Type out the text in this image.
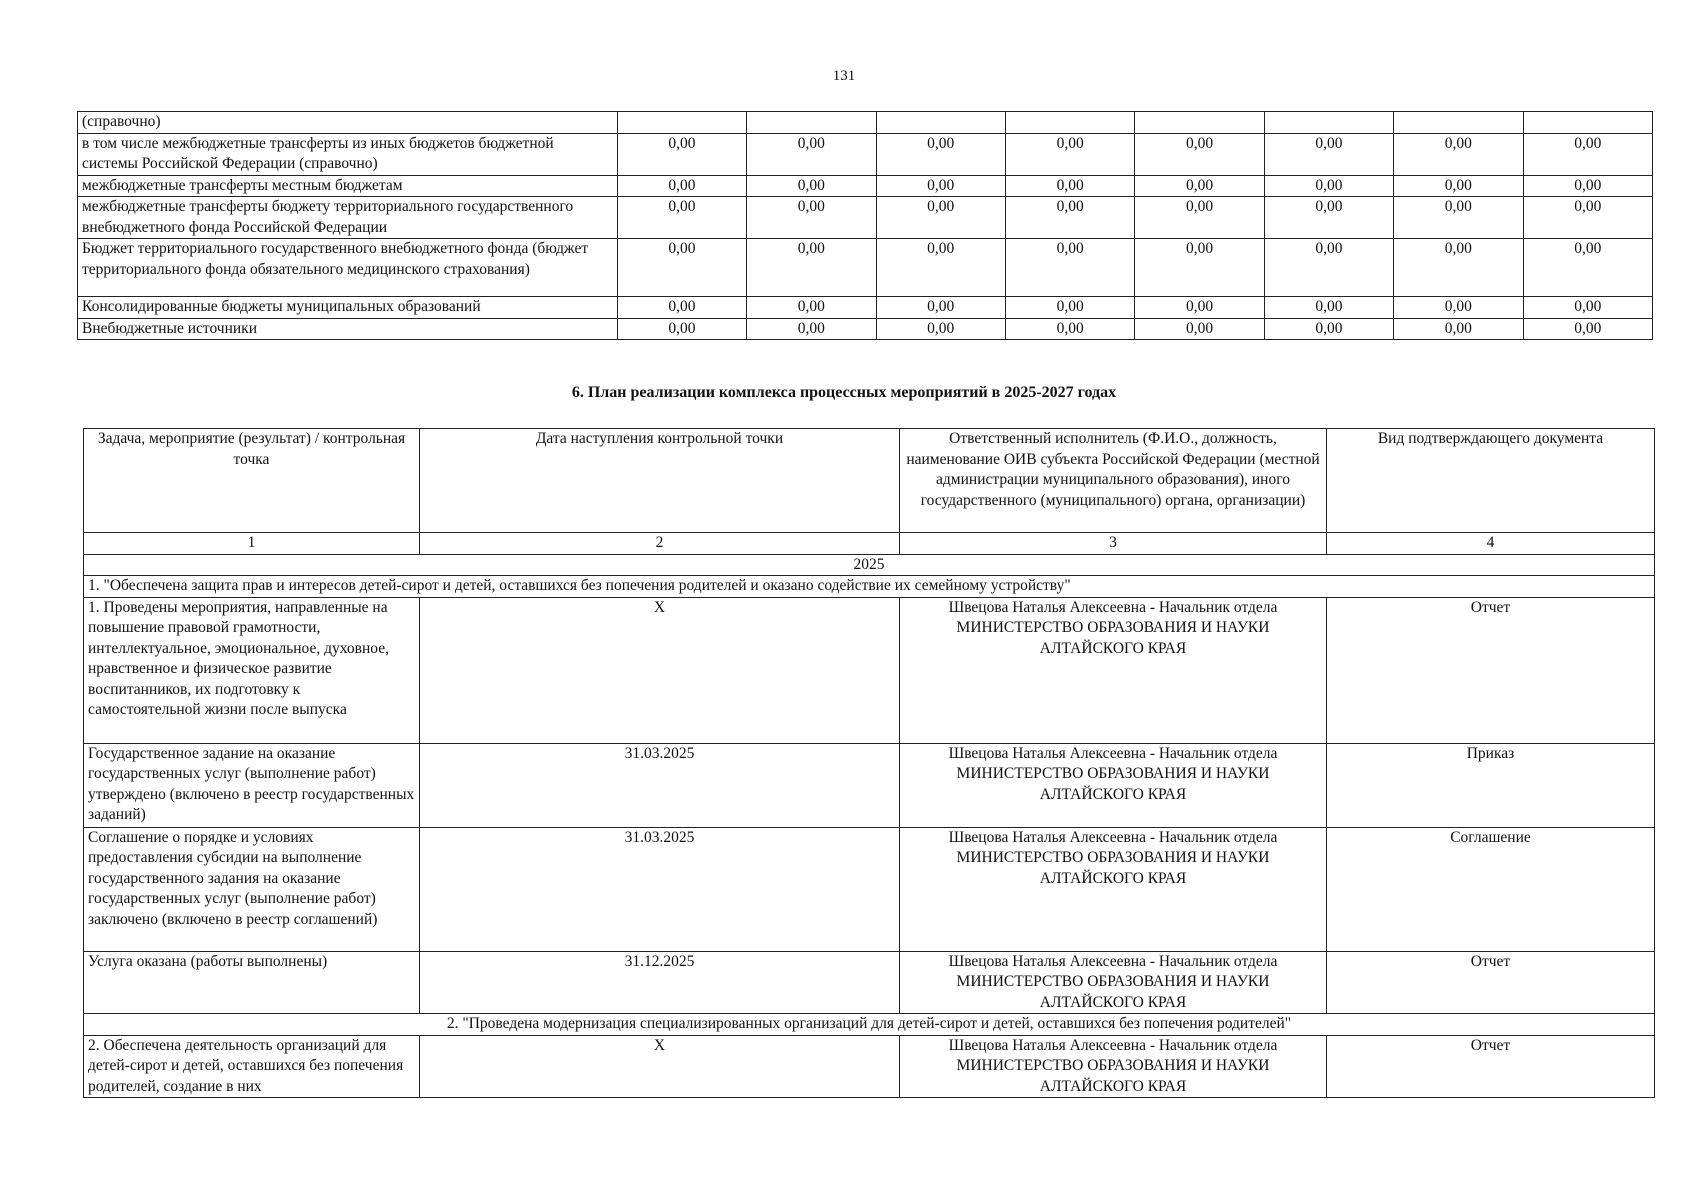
131
(справочно)								
в том числе межбюджетные трансферты из иных бюджетов бюджетной системы Российской Федерации (справочно)	0,00	0,00	0,00	0,00	0,00	0,00	0,00	0,00
межбюджетные трансферты местным бюджетам	0,00	0,00	0,00	0,00	0,00	0,00	0,00	0,00
межбюджетные трансферты бюджету территориального государственного внебюджетного фонда Российской Федерации	0,00	0,00	0,00	0,00	0,00	0,00	0,00	0,00
Бюджет территориального государственного внебюджетного фонда (бюджет территориального фонда обязательного медицинского страхования)	0,00	0,00	0,00	0,00	0,00	0,00	0,00	0,00
Консолидированные бюджеты муниципальных образований	0,00	0,00	0,00	0,00	0,00	0,00	0,00	0,00
Внебюджетные источники	0,00	0,00	0,00	0,00	0,00	0,00	0,00	0,00
6. План реализации комплекса процессных мероприятий в 2025-2027 годах
Задача, мероприятие (результат) / контрольная точка	Дата наступления контрольной точки	Ответственный исполнитель (Ф.И.О., должность, наименование ОИВ субъекта Российской Федерации (местной администрации муниципального образования), иного государственного (муниципального) органа, организации)	Вид подтверждающего документа
1	2	3	4
2025			
1. "Обеспечена защита прав и интересов детей-сирот и детей, оставшихся без попечения родителей и оказано содействие их семейному устройству"			
1. Проведены мероприятия, направленные на повышение правовой грамотности, интеллектуальное, эмоциональное, духовное, нравственное и физическое развитие воспитанников, их подготовку к самостоятельной жизни после выпуска	X	Швецова Наталья Алексеевна - Начальник отдела МИНИСТЕРСТВО ОБРАЗОВАНИЯ И НАУКИ АЛТАЙСКОГО КРАЯ	Отчет
Государственное задание на оказание государственных услуг (выполнение работ) утверждено (включено в реестр государственных заданий)	31.03.2025	Швецова Наталья Алексеевна - Начальник отдела МИНИСТЕРСТВО ОБРАЗОВАНИЯ И НАУКИ АЛТАЙСКОГО КРАЯ	Приказ
Соглашение о порядке и условиях предоставления субсидии на выполнение государственного задания на оказание государственных услуг (выполнение работ) заключено (включено в реестр соглашений)	31.03.2025	Швецова Наталья Алексеевна - Начальник отдела МИНИСТЕРСТВО ОБРАЗОВАНИЯ И НАУКИ АЛТАЙСКОГО КРАЯ	Соглашение
Услуга оказана (работы выполнены)	31.12.2025	Швецова Наталья Алексеевна - Начальник отдела МИНИСТЕРСТВО ОБРАЗОВАНИЯ И НАУКИ АЛТАЙСКОГО КРАЯ	Отчет
2. "Проведена модернизация специализированных организаций для детей-сирот и детей, оставшихся без попечения родителей"			
2. Обеспечена деятельность организаций для детей-сирот и детей, оставшихся без попечения родителей, создание в них	X	Швецова Наталья Алексеевна - Начальник отдела МИНИСТЕРСТВО ОБРАЗОВАНИЯ И НАУКИ АЛТАЙСКОГО КРАЯ	Отчет
